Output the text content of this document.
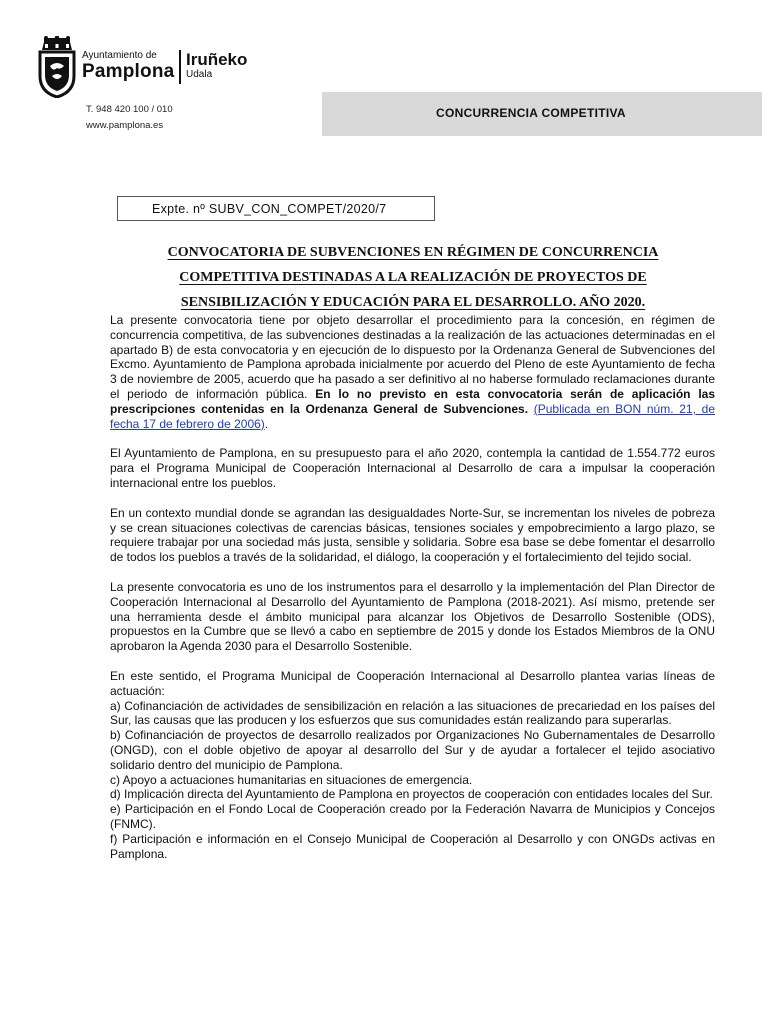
Ayuntamiento de
Pamplona
Iruñeko
Udala
T. 948 420 100 / 010
www.pamplona.es
CONCURRENCIA COMPETITIVA
Expte. nº SUBV_CON_COMPET/2020/7
CONVOCATORIA DE SUBVENCIONES EN RÉGIMEN DE CONCURRENCIA
COMPETITIVA DESTINADAS A LA REALIZACIÓN DE PROYECTOS DE
SENSIBILIZACIÓN Y EDUCACIÓN PARA EL DESARROLLO. AÑO 2020.

La presente convocatoria tiene por objeto desarrollar el procedimiento para la concesión, en régimen de concurrencia competitiva, de las subvenciones destinadas a la realización de las actuaciones determinadas en el apartado B) de esta convocatoria y en ejecución de lo dispuesto por la Ordenanza General de Subvenciones del Excmo. Ayuntamiento de Pamplona aprobada inicialmente por acuerdo del Pleno de este Ayuntamiento de fecha 3 de noviembre de 2005, acuerdo que ha pasado a ser definitivo al no haberse formulado reclamaciones durante el periodo de información pública. En lo no previsto en esta convocatoria serán de aplicación las prescripciones contenidas en la Ordenanza General de Subvenciones. (Publicada en BON núm. 21, de fecha 17 de febrero de 2006).

El Ayuntamiento de Pamplona, en su presupuesto para el año 2020, contempla la cantidad de 1.554.772 euros para el Programa Municipal de Cooperación Internacional al Desarrollo de cara a impulsar la cooperación internacional entre los pueblos.

En un contexto mundial donde se agrandan las desigualdades Norte-Sur, se incrementan los niveles de pobreza y se crean situaciones colectivas de carencias básicas, tensiones sociales y empobrecimiento a largo plazo, se requiere trabajar por una sociedad más justa, sensible y solidaria. Sobre esa base se debe fomentar el desarrollo de todos los pueblos a través de la solidaridad, el diálogo, la cooperación y el fortalecimiento del tejido social.

La presente convocatoria es uno de los instrumentos para el desarrollo y la implementación del Plan Director de Cooperación Internacional al Desarrollo del Ayuntamiento de Pamplona (2018-2021). Así mismo, pretende ser una herramienta desde el ámbito municipal para alcanzar los Objetivos de Desarrollo Sostenible (ODS), propuestos en la Cumbre que se llevó a cabo en septiembre de 2015 y donde los Estados Miembros de la ONU aprobaron la Agenda 2030 para el Desarrollo Sostenible.

En este sentido, el Programa Municipal de Cooperación Internacional al Desarrollo plantea varias líneas de actuación:

a) Cofinanciación de actividades de sensibilización en relación a las situaciones de precariedad en los países del Sur, las causas que las producen y los esfuerzos que sus comunidades están realizando para superarlas.

b) Cofinanciación de proyectos de desarrollo realizados por Organizaciones No Gubernamentales de Desarrollo (ONGD), con el doble objetivo de apoyar al desarrollo del Sur y de ayudar a fortalecer el tejido asociativo solidario dentro del municipio de Pamplona.

c) Apoyo a actuaciones humanitarias en situaciones de emergencia.

d) Implicación directa del Ayuntamiento de Pamplona en proyectos de cooperación con entidades locales del Sur.

e) Participación en el Fondo Local de Cooperación creado por la Federación Navarra de Municipios y Concejos (FNMC).

f) Participación e información en el Consejo Municipal de Cooperación al Desarrollo y con ONGDs activas en Pamplona.
